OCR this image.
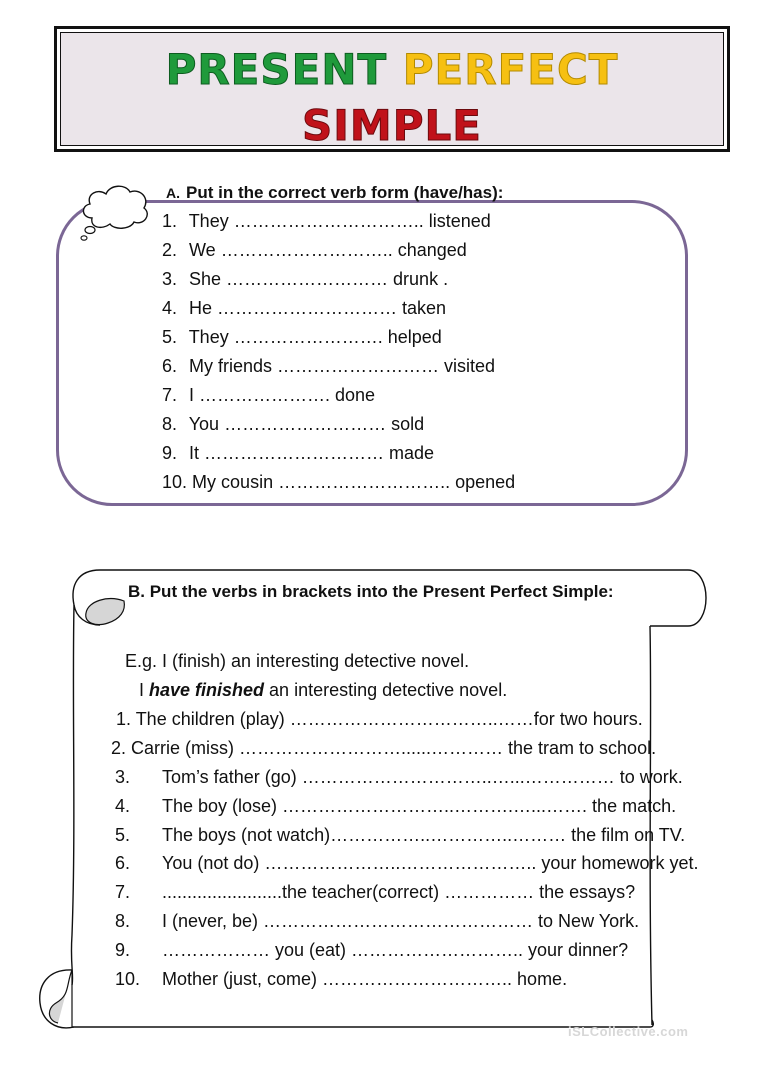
PRESENT PERFECT
SIMPLE
A. Put in the correct verb form (have/has):
1. They ………………………….. listened
2. We ……………………….. changed
3. She ……………………… drunk .
4. He ………………………… taken
5. They ……………………. helped
6. My friends ……………………… visited
7. I …………………. done
8. You ……………………… sold
9. It ………………………… made
10. My cousin ……………………….. opened
B. Put the verbs in brackets into the Present Perfect Simple:
E.g. I (finish) an interesting detective novel.
I have finished an interesting detective novel.
1. The children (play) ……………………………..……for two hours.
2. Carrie (miss) ………………………......………… the tram to school.
3. Tom’s father (go) …………………………..…...…………… to work.
4. The boy (lose) ………………………..……….…...……. the match.
5. The boys (not watch)……………..…………..……… the film on TV.
6. You (not do) …………………..………………….. your homework yet.
7. ........................the teacher(correct) …………… the essays?
8. I (never, be) ……………………………………… to New York.
9. ……………… you (eat) ……………………….. your dinner?
10. Mother (just, come) ………………………….. home.
iSLCollective.com
